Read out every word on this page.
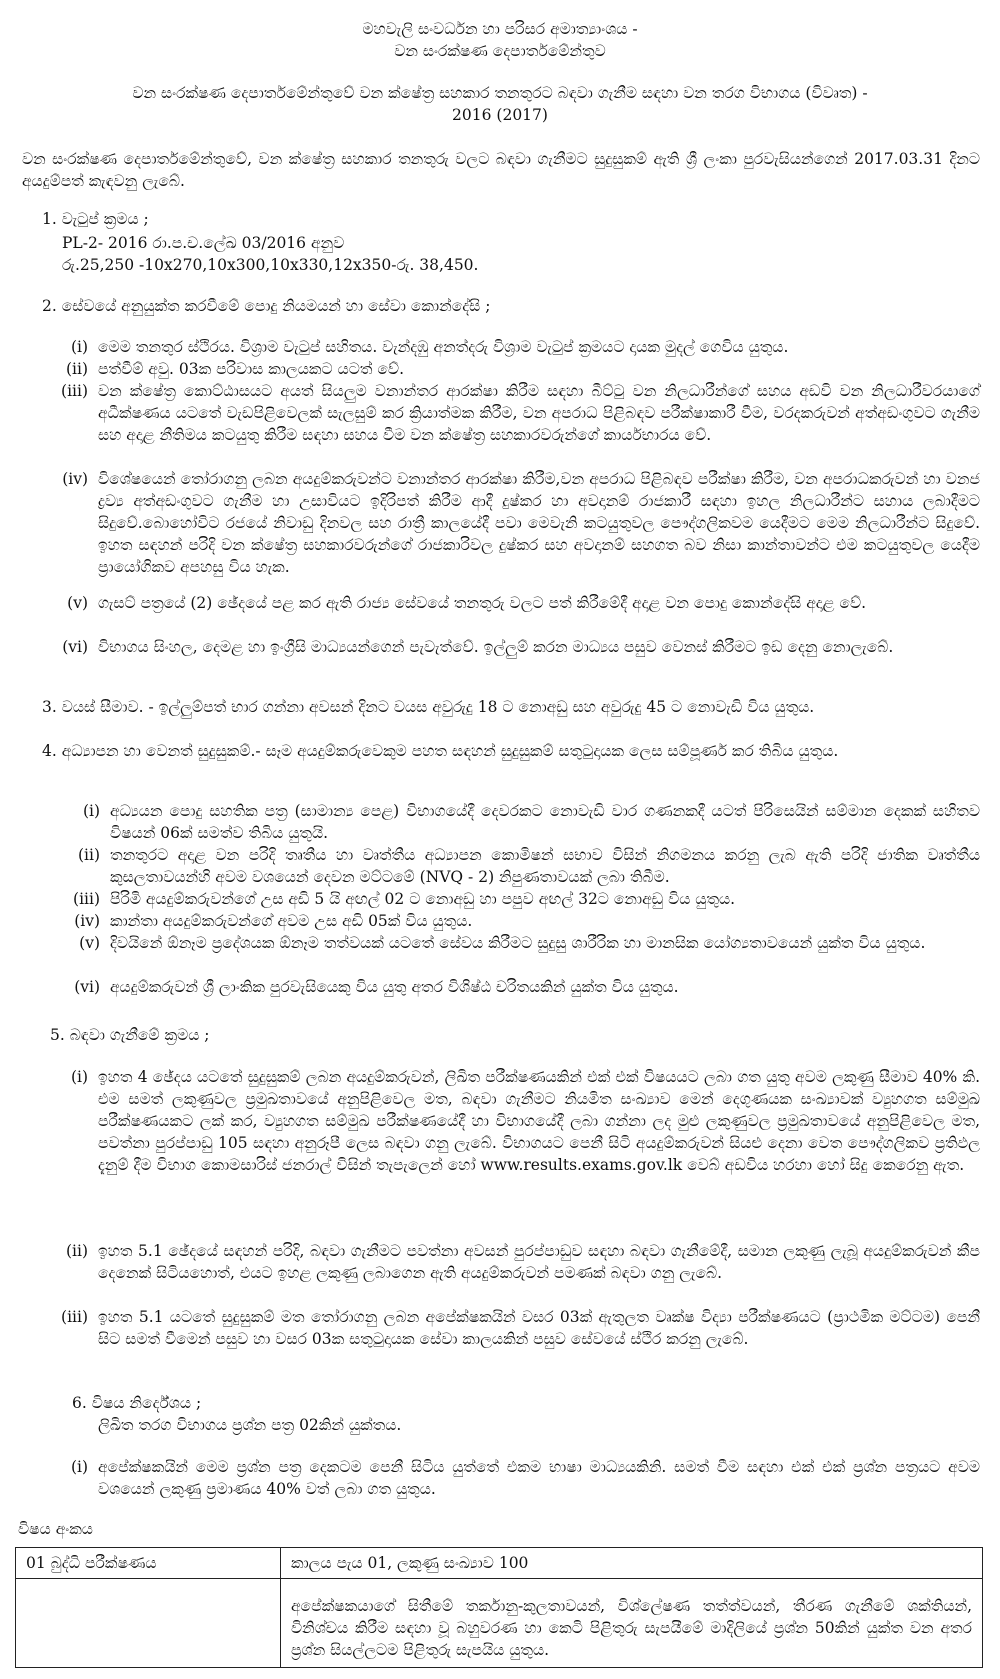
මහවැලි සංවර්ධන හා පරිසර අමාත්‍යාංශය -
වන සංරක්ෂණ දෙපාර්තමේන්තුව
වන සංරක්ෂණ දෙපාර්තමේන්තුවේ වන ක්ෂේත්‍ර සහකාර තනතුරට බඳවා ගැනීම සඳහා වන තරග විභාගය (විවෘත) -
2016 (2017)
වන සංරක්ෂණ දෙපාර්තමේන්තුවේ, වන ක්ෂේත්‍ර සහකාර තනතුරු වලට බඳවා ගැනීමට සුදුසුකම් ඇති ශ්‍රී ලංකා පුරවැසියන්ගෙන් 2017.03.31 දිනට අයදුම්පත් කැඳවනු ලැබේ.
1. වැටුප් ක්‍රමය ;
PL-2- 2016 රා.ප.ච.ලේඛ 03/2016 අනුව
රු.25,250 -10x270,10x300,10x330,12x350-රු. 38,450.
2. සේවයේ අනුයුක්ත කරවීමේ පොදු නියමයන් හා සේවා කොන්දේසි ;
(i) මෙම තනතුර ස්ථිරය. විශ්‍රාම වැටුප් සහිතය. වැන්දඹු අනත්දරු විශ්‍රාම වැටුප් ක්‍රමයට දායක මුදල් ගෙවිය යුතුය.
(ii) පත්වීම් අවු. 03ක පරිවාස කාලයකට යටත් වේ.
(iii) වන ක්ෂේත්‍ර කොට්ඨාසයට අයත් සියලුම වනාන්තර ආරක්ෂා කිරීම සඳහා බීට්ටු වන නිලධාරීන්ගේ සහය අඩවි වන නිලධාරීවරයාගේ අධීක්ෂණය යටතේ වැඩපිළිවෙලක් සැලසුම් කර ක්‍රියාත්මක කිරීම, වන අපරාධ පිළිබඳව පරීක්ෂාකාරී වීම, වරදකරුවන් අත්අඩංගුවට ගැනීම සහ අදාළ නීතිමය කටයුතු කිරීම සඳහා සහය වීම වන ක්ෂේත්‍ර සහකාරවරුන්ගේ කාර්යභාරය වේ.
(iv) විශේෂයෙන් තෝරාගනු ලබන අයදුම්කරුවන්ට වනාන්තර ආරක්ෂා කිරීම,වන අපරාධ පිළිබඳව පරීක්ෂා කිරීම, වන අපරාධකරුවන් හා වනජ ද්‍රව්‍ය අත්අඩංගුවට ගැනීම හා උසාවියට ඉදිරිපත් කිරීම ආදී දුෂ්කර හා අවදානම් රාජකාරී සඳහා ඉහල නිලධාරීන්ට සහාය ලබාදීමට සිදුවේ.බොහෝවිට රජයේ නිවාඩු දිනවල සහ රාත්‍රී කාලයේදී පවා මෙවැනි කටයුතුවල පෞද්ගලිකවම යෙදීමට මෙම නිලධාරීන්ට සිදුවේ. ඉහත සඳහන් පරිදි වන ක්ෂේත්‍ර සහකාරවරුන්ගේ රාජකාරිවල දුෂ්කර සහ අවදානම් සහගත බව නිසා කාන්තාවන්ට එම කටයුතුවල යෙදීම ප්‍රායෝගිකව අපහසු විය හැක.
(v) ගැසට් පත්‍රයේ (2) ඡේදයේ පළ කර ඇති රාජ්‍ය සේවයේ තනතුරු වලට පත් කිරීමේදී අදාළ වන පොදු කොන්දේසි අදාළ වේ.
(vi) විභාගය සිංහල, දෙමළ හා ඉංග්‍රීසි මාධ්‍යයන්ගෙන් පැවැත්වේ. ඉල්ලුම් කරන මාධ්‍යය පසුව වෙනස් කිරීමට ඉඩ දෙනු නොලැබේ.
3. වයස් සීමාව. - ඉල්ලුම්පත් භාර ගන්නා අවසන් දිනට වයස අවුරුදු 18 ට නොඅඩු සහ අවුරුදු 45 ට නොවැඩි විය යුතුය.
4. අධ්‍යාපන හා වෙනත් සුදුසුකම්.- සෑම අයදුම්කරුවෙකුම පහත සඳහන් සුදුසුකම් සතුටුදායක ලෙස සම්පූර්ණ කර තිබිය යුතුය.
(i) අධ්‍යයන පොදු සහතික පත්‍ර (සාමාන්‍ය පෙළ) විභාගයේදී දෙවරකට නොවැඩි වාර ගණනකදී යටත් පිරිසෙයින් සම්මාන දෙකක් සහිතව විෂයන් 06ක් සමත්ව තිබිය යුතුයි.
(ii) තනතුරට අදාළ වන පරිදි තෘතීය හා වෘත්තීය අධ්‍යාපන කොමිෂන් සභාව විසින් නිගමනය කරනු ලැබ ඇති පරිදි ජාතික වෘත්තීය කුසලතාවයන්හි අවම වශයෙන් දෙවන මට්ටමේ (NVQ - 2) නිපුණතාවයක් ලබා තිබීම.
(iii) පිරිමි අයදුම්කරුවන්ගේ උස අඩි 5 යි අඟල් 02 ට නොඅඩු හා පපුව අඟල් 32ට නොඅඩු විය යුතුය.
(iv) කාන්තා අයදුම්කරුවන්ගේ අවම උස අඩි 05ක් විය යුතුය.
(v) දිවයිනේ ඕනෑම ප්‍රදේශයක ඕනෑම තත්වයක් යටතේ සේවය කිරීමට සුදුසු ශාරීරික හා මානසික යෝග්‍යතාවයෙන් යුක්ත විය යුතුය.
(vi) අයදුම්කරුවන් ශ්‍රී ලාංකික පුරවැසියෙකු විය යුතු අතර විශිෂ්ඨ චරිතයකින් යුක්ත විය යුතුය.
5. බඳවා ගැනීමේ ක්‍රමය ;
(i) ඉහත 4 ඡේදය යටතේ සුදුසුකම් ලබන අයදුම්කරුවන්, ලිඛිත පරීක්ෂණයකින් එක් එක් විෂයයට ලබා ගත යුතු අවම ලකුණු සීමාව 40% කි. එම සමත් ලකුණුවල ප්‍රමුඛතාවයේ අනුපිළිවෙල මත, බඳවා ගැනීමට නියමිත සංඛ්‍යාව මෙන් දෙගුණයක සංඛ්‍යාවක් ව්‍යුහගත සම්මුඛ පරීක්ෂණයකට ලක් කර, ව්‍යුහගත සම්මුඛ පරීක්ෂණයේදී හා විභාගයේදී ලබා ගන්නා ලද මුළු ලකුණුවල ප්‍රමුඛතාවයේ අනුපිළිවෙල මත, පවත්නා පුරප්පාඩු 105 සඳහා අනුරූපී ලෙස බඳවා ගනු ලැබේ. විභාගයට පෙනී සිටි අයදුම්කරුවන් සියළු දෙනා වෙත පෞද්ගලිකව ප්‍රතිඵල දැනුම් දීම විභාග කොමසාරිස් ජනරාල් විසින් තැපැලෙන් හෝ www.results.exams.gov.lk වෙබ් අඩවිය හරහා හෝ සිදු කෙරෙනු ඇත.
(ii) ඉහත 5.1 ඡේදයේ සඳහන් පරිදි, බඳවා ගැනීමට පවත්නා අවසන් පුරප්පාඩුව සඳහා බඳවා ගැනීමේදී, සමාන ලකුණු ලැබූ අයදුම්කරුවන් කීප දෙනෙක් සිටියහොත්, එයට ඉහළ ලකුණු ලබාගෙන ඇති අයදුම්කරුවන් පමණක් බඳවා ගනු ලැබේ.
(iii) ඉහත 5.1 යටතේ සුදුසුකම් මත තෝරාගනු ලබන අපේක්ෂකයින් වසර 03ක් ඇතුලත වෘක්ෂ විද්‍යා පරීක්ෂණයට (ප්‍රාථමික මට්ටම) පෙනී සිට සමත් වීමෙන් පසුව හා වසර 03ක සතුටුදායක සේවා කාලයකින් පසුව සේවයේ ස්ථිර කරනු ලැබේ.
6. විෂය නිර්දේශය ;
ලිඛිත තරග විභාගය ප්‍රශ්න පත්‍ර 02කින් යුක්තය.
(i) අපේක්ෂකයින් මෙම ප්‍රශ්න පත්‍ර දෙකටම පෙනී සිටිය යුත්තේ එකම භාෂා මාධ්‍යයකිනි. සමත් වීම සඳහා එක් එක් ප්‍රශ්න පත්‍රයට අවම වශයෙන් ලකුණු ප්‍රමාණය 40% වත් ලබා ගත යුතුය.
විෂය අංකය
01 බුද්ධි පරීක්ෂණය	කාලය පැය 01, ලකුණු සංඛ්‍යාව 100
	අපේක්ෂකයාගේ සිතීමේ තර්කානු-කුලතාවයන්, විශ්ලේෂණ තත්ත්වයන්, තීරණ ගැනීමේ ශක්තියන්, විනිශ්චය කිරීම සඳහා වූ බහුවරණ හා කෙටි පිළිතුරු සැපයීමේ මාදිලියේ ප්‍රශ්න 50කින් යුක්ත වන අතර ප්‍රශ්න සියල්ලටම පිළිතුරු සැපයිය යුතුය.
